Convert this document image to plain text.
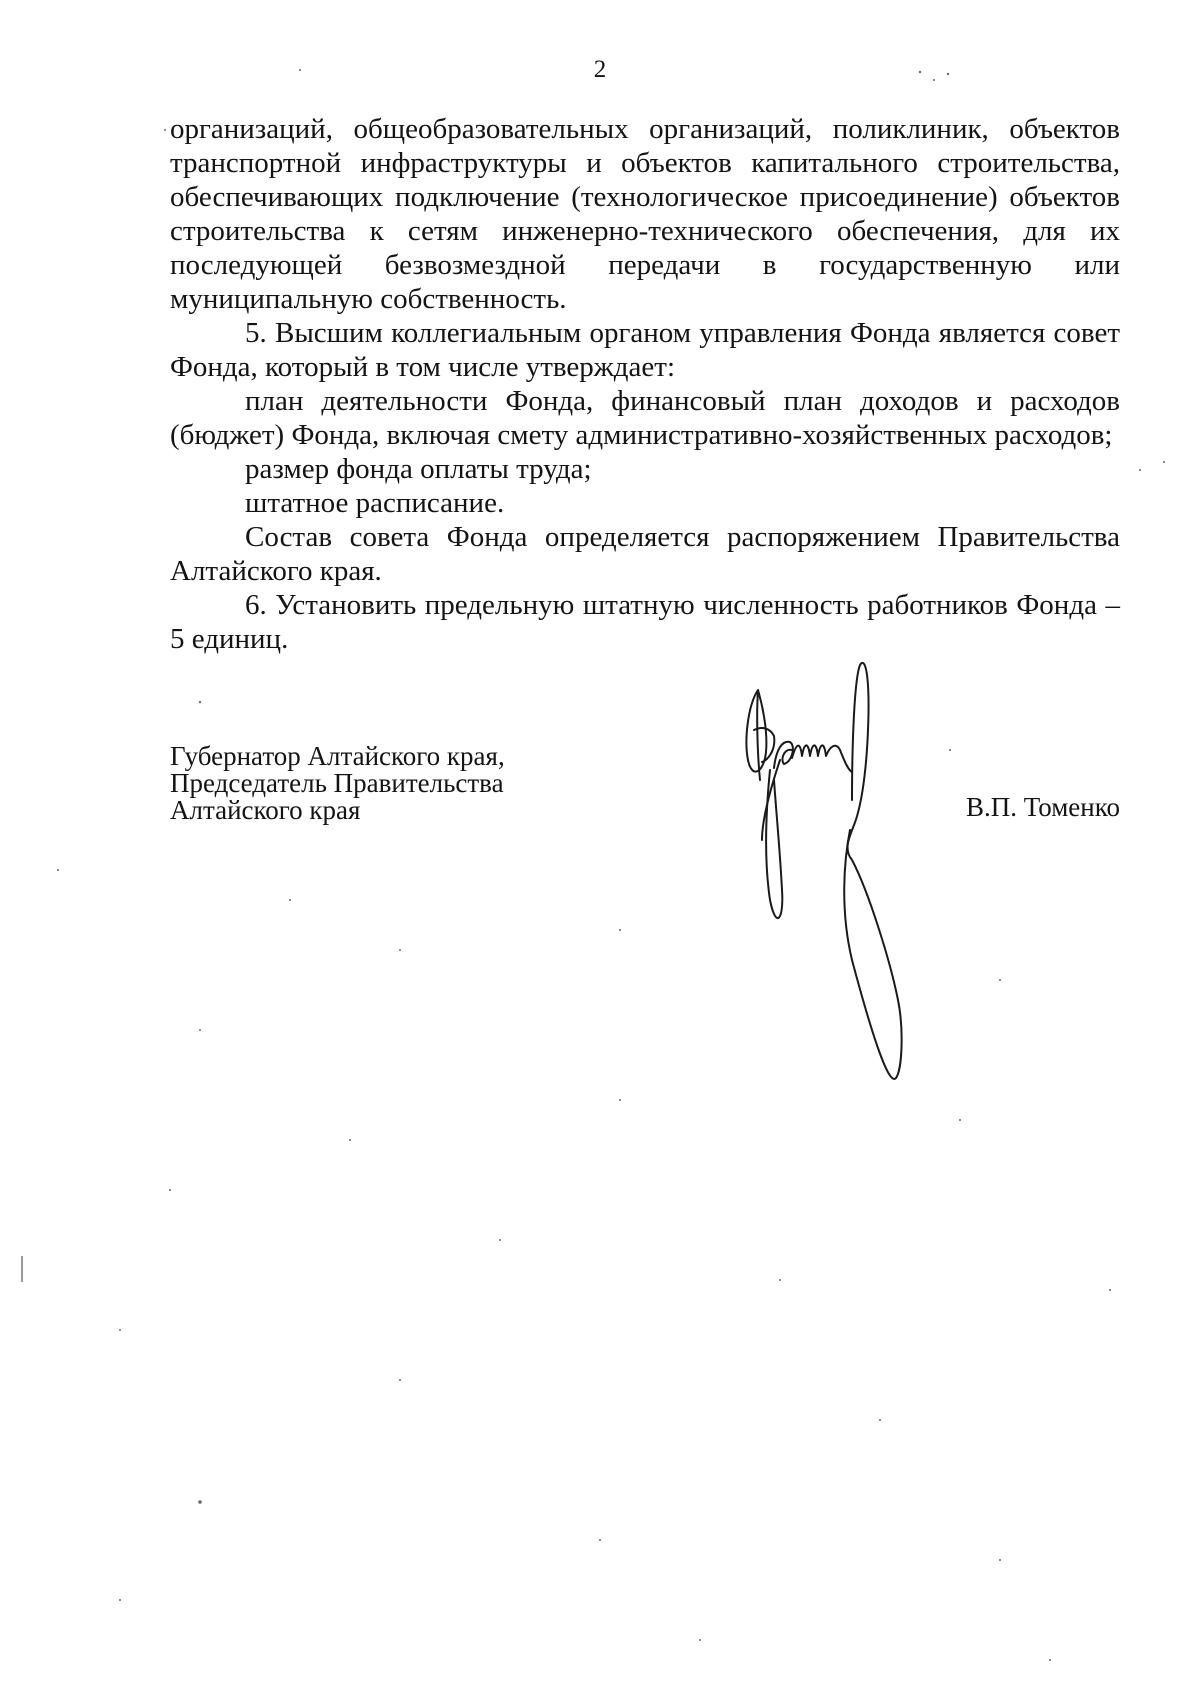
2

организаций, общеобразовательных организаций, поликлиник, объектов транспортной инфраструктуры и объектов капитального строительства, обеспечивающих подключение (технологическое присоединение) объектов строительства к сетям инженерно-технического обеспечения, для их последующей безвозмездной передачи в государственную или муниципальную собственность.

5. Высшим коллегиальным органом управления Фонда является совет Фонда, который в том числе утверждает:

план деятельности Фонда, финансовый план доходов и расходов (бюджет) Фонда, включая смету административно-хозяйственных расходов;

размер фонда оплаты труда;

штатное расписание.

Состав совета Фонда определяется распоряжением Правительства Алтайского края.

6. Установить предельную штатную численность работников Фонда – 5 единиц.

Губернатор Алтайского края,
Председатель Правительства
Алтайского края	В.П. Томенко
